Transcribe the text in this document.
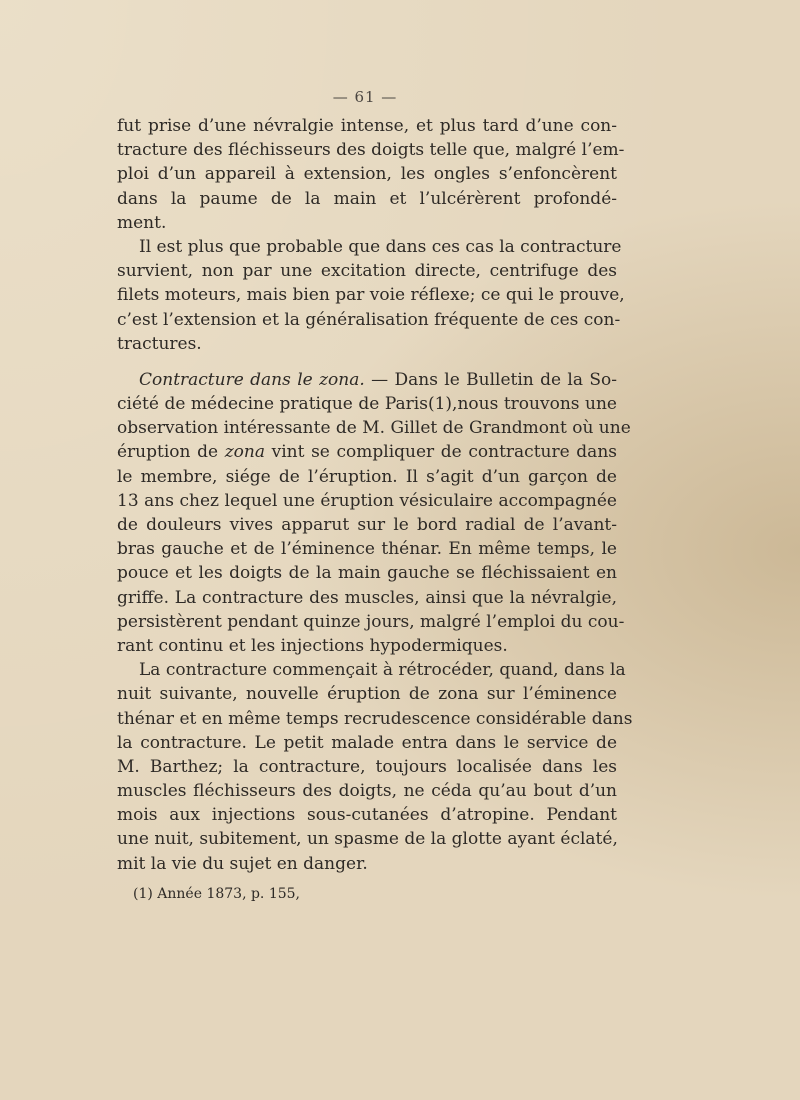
— 61 —
fut prise d’une névralgie intense, et plus tard d’une con-
tracture des fléchisseurs des doigts telle que, malgré l’em-
ploi d’un appareil à extension, les ongles s’enfoncèrent
dans la paume de la main et l’ulcérèrent profondé-
ment.
Il est plus que probable que dans ces cas la contracture
survient, non par une excitation directe, centrifuge des
filets moteurs, mais bien par voie réflexe; ce qui le prouve,
c’est l’extension et la généralisation fréquente de ces con-
tractures.
Contracture dans le zona. — Dans le Bulletin de la So-
ciété de médecine pratique de Paris(1),nous trouvons une
observation intéressante de M. Gillet de Grandmont où une
éruption de zona vint se compliquer de contracture dans
le membre, siége de l’éruption. Il s’agit d’un garçon de
13 ans chez lequel une éruption vésiculaire accompagnée
de douleurs vives apparut sur le bord radial de l’avant-
bras gauche et de l’éminence thénar. En même temps, le
pouce et les doigts de la main gauche se fléchissaient en
griffe. La contracture des muscles, ainsi que la névralgie,
persistèrent pendant quinze jours, malgré l’emploi du cou-
rant continu et les injections hypodermiques.
La contracture commençait à rétrocéder, quand, dans la
nuit suivante, nouvelle éruption de zona sur l’éminence
thénar et en même temps recrudescence considérable dans
la contracture. Le petit malade entra dans le service de
M. Barthez; la contracture, toujours localisée dans les
muscles fléchisseurs des doigts, ne céda qu’au bout d’un
mois aux injections sous-cutanées d’atropine. Pendant
une nuit, subitement, un spasme de la glotte ayant éclaté,
mit la vie du sujet en danger.
(1) Année 1873, p. 155,
